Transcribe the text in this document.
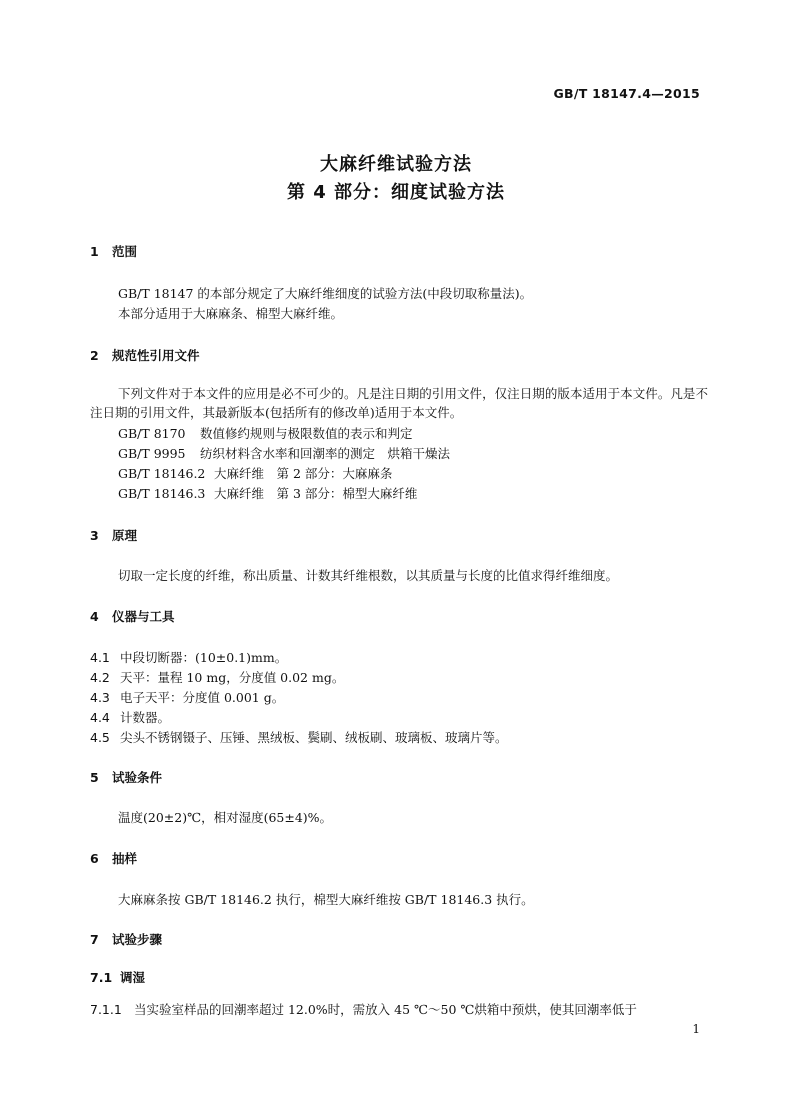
GB/T 18147.4—2015
大麻纤维试验方法
第 4 部分：细度试验方法
1 范围
GB/T 18147 的本部分规定了大麻纤维细度的试验方法(中段切取称量法)。
本部分适用于大麻麻条、棉型大麻纤维。
2 规范性引用文件
下列文件对于本文件的应用是必不可少的。凡是注日期的引用文件，仅注日期的版本适用于本文件。凡是不注日期的引用文件，其最新版本(包括所有的修改单)适用于本文件。
GB/T 8170 数值修约规则与极限数值的表示和判定
GB/T 9995 纺织材料含水率和回潮率的测定　烘箱干燥法
GB/T 18146.2 大麻纤维　第 2 部分：大麻麻条
GB/T 18146.3 大麻纤维　第 3 部分：棉型大麻纤维
3 原理
切取一定长度的纤维，称出质量、计数其纤维根数，以其质量与长度的比值求得纤维细度。
4 仪器与工具
4.1 中段切断器：(10±0.1)mm。
4.2 天平：量程 10 mg，分度值 0.02 mg。
4.3 电子天平：分度值 0.001 g。
4.4 计数器。
4.5 尖头不锈钢镊子、压锤、黑绒板、鬓刷、绒板刷、玻璃板、玻璃片等。
5 试验条件
温度(20±2)℃，相对湿度(65±4)%。
6 抽样
大麻麻条按 GB/T 18146.2 执行，棉型大麻纤维按 GB/T 18146.3 执行。
7 试验步骤
7.1 调湿
7.1.1 当实验室样品的回潮率超过 12.0%时，需放入 45 ℃～50 ℃烘箱中预烘，使其回潮率低于
1
